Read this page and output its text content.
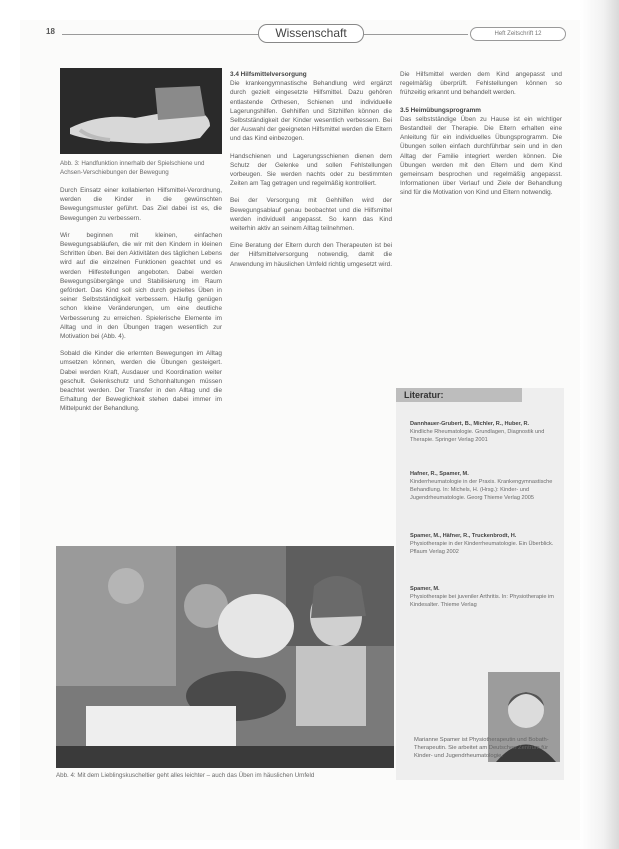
18	Wissenschaft	Heft Zeitschrift 12
Abb. 3: Handfunktion innerhalb der Spielschiene und Achsen-Verschiebungen der Bewegung

Durch Einsatz einer kollabierten Hilfsmittel-Verordnung, werden die Kinder in die gewünschten Bewegungsmuster geführt. Das Ziel dabei ist es, die Bewegungen zu verbessern.

Wir beginnen mit kleinen, einfachen Bewegungsabläufen, die wir mit den Kindern in kleinen Schritten üben. Bei den Aktivitäten des täglichen Lebens wird auf die einzelnen Funktionen geachtet und es werden Hilfestellungen angeboten. Dabei werden Bewegungsübergänge und Stabilisierung im Raum gefördert. Das Kind soll sich durch gezieltes Üben in seiner Selbstständigkeit verbessern. Häufig genügen schon kleine Veränderungen, um eine deutliche Verbesserung zu erreichen. Spielerische Elemente im Alltag und in den Übungen tragen wesentlich zur Motivation bei (Abb. 4).

Sobald die Kinder die erlernten Bewegungen im Alltag umsetzen können, werden die Übungen gesteigert. Dabei werden Kraft, Ausdauer und Koordination weiter geschult. Gelenkschutz und Schonhaltungen müssen beachtet werden. Der Transfer in den Alltag und die Erhaltung der Beweglichkeit stehen dabei immer im Mittelpunkt der Behandlung.

3.4 Hilfsmittelversorgung

Die krankengymnastische Behandlung wird ergänzt durch gezielt eingesetzte Hilfsmittel. Dazu gehören entlastende Orthesen, Schienen und individuelle Lagerungshilfen. Gehhilfen und Sitzhilfen können die Selbstständigkeit der Kinder wesentlich verbessern. Bei der Auswahl der geeigneten Hilfsmittel werden die Eltern und das Kind einbezogen.

Handschienen und Lagerungsschienen dienen dem Schutz der Gelenke und sollen Fehlstellungen vorbeugen. Sie werden nachts oder zu bestimmten Zeiten am Tag getragen und regelmäßig kontrolliert.

Bei der Versorgung mit Gehhilfen wird der Bewegungsablauf genau beobachtet und die Hilfsmittel werden individuell angepasst. So kann das Kind weiterhin aktiv an seinem Alltag teilnehmen.

Eine Beratung der Eltern durch den Therapeuten ist bei der Hilfsmittelversorgung notwendig, damit die Anwendung im häuslichen Umfeld richtig umgesetzt wird.

Die Hilfsmittel werden dem Kind angepasst und regelmäßig überprüft. Fehlstellungen können so frühzeitig erkannt und behandelt werden.

3.5 Heimübungsprogramm

Das selbstständige Üben zu Hause ist ein wichtiger Bestandteil der Therapie. Die Eltern erhalten eine Anleitung für ein individuelles Übungsprogramm. Die Übungen sollen einfach durchführbar sein und in den Alltag der Familie integriert werden können. Die Übungen werden mit den Eltern und dem Kind gemeinsam besprochen und regelmäßig angepasst. Informationen über Verlauf und Ziele der Behandlung sind für die Motivation von Kind und Eltern notwendig.

Abb. 4: Mit dem Lieblingskuscheltier geht alles leichter – auch das Üben im häuslichen Umfeld
Literatur:
Dannhauer-Grubert, B., Michler, R., Huber, R.
Kindliche Rheumatologie. Grundlagen, Diagnostik und Therapie. Springer Verlag 2001
Hafner, R., Spamer, M.
Kinderrheumatologie in der Praxis. Krankengymnastische Behandlung. In: Michels, H. (Hrsg.): Kinder- und Jugendrheumatologie. Georg Thieme Verlag 2005
Spamer, M., Häfner, R., Truckenbrodt, H.
Physiotherapie in der Kinderrheumatologie. Ein Überblick. Pflaum Verlag 2002
Spamer, M.
Physiotherapie bei juveniler Arthritis. In: Physiotherapie im Kindesalter. Thieme Verlag
Marianne Spamer ist Physiotherapeutin und Bobath-Therapeutin. Sie arbeitet am Deutschen Zentrum für Kinder- und Jugendrheumatologie.
